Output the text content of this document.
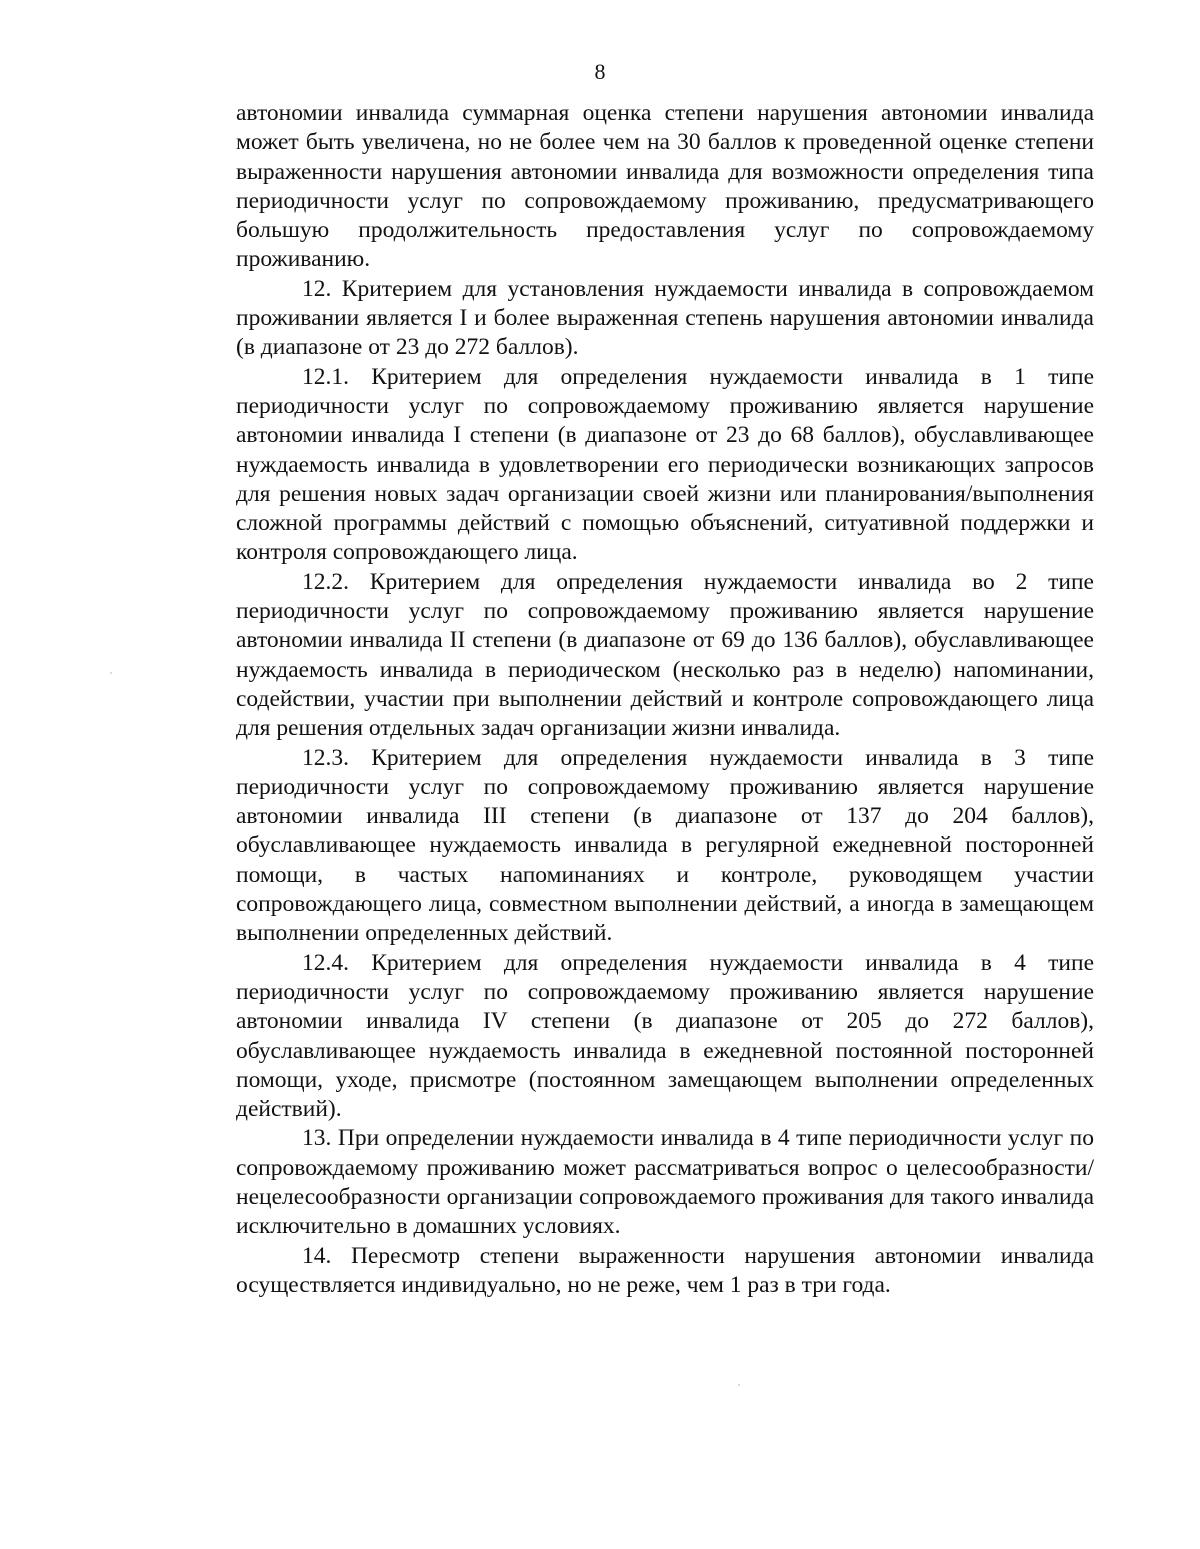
8

автономии инвалида суммарная оценка степени нарушения автономии инвалида может быть увеличена, но не более чем на 30 баллов к проведенной оценке степени выраженности нарушения автономии инвалида для возможности определения типа периодичности услуг по сопровождаемому проживанию, предусматривающего большую продолжительность предоставления услуг по сопровождаемому проживанию.

12. Критерием для установления нуждаемости инвалида в сопровождаемом проживании является I и более выраженная степень нарушения автономии инвалида (в диапазоне от 23 до 272 баллов).

12.1. Критерием для определения нуждаемости инвалида в 1 типе периодичности услуг по сопровождаемому проживанию является нарушение автономии инвалида I степени (в диапазоне от 23 до 68 баллов), обуславливающее нуждаемость инвалида в удовлетворении его периодически возникающих запросов для решения новых задач организации своей жизни или планирования/выполнения сложной программы действий с помощью объяснений, ситуативной поддержки и контроля сопровождающего лица.

12.2. Критерием для определения нуждаемости инвалида во 2 типе периодичности услуг по сопровождаемому проживанию является нарушение автономии инвалида II степени (в диапазоне от 69 до 136 баллов), обуславливающее нуждаемость инвалида в периодическом (несколько раз в неделю) напоминании, содействии, участии при выполнении действий и контроле сопровождающего лица для решения отдельных задач организации жизни инвалида.

12.3. Критерием для определения нуждаемости инвалида в 3 типе периодичности услуг по сопровождаемому проживанию является нарушение автономии инвалида III степени (в диапазоне от 137 до 204 баллов), обуславливающее нуждаемость инвалида в регулярной ежедневной посторонней помощи, в частых напоминаниях и контроле, руководящем участии сопровождающего лица, совместном выполнении действий, а иногда в замещающем выполнении определенных действий.

12.4. Критерием для определения нуждаемости инвалида в 4 типе периодичности услуг по сопровождаемому проживанию является нарушение автономии инвалида IV степени (в диапазоне от 205 до 272 баллов), обуславливающее нуждаемость инвалида в ежедневной постоянной посторонней помощи, уходе, присмотре (постоянном замещающем выполнении определенных действий).

13. При определении нуждаемости инвалида в 4 типе периодичности услуг по сопровождаемому проживанию может рассматриваться вопрос о целесообразности/нецелесообразности организации сопровождаемого проживания для такого инвалида исключительно в домашних условиях.

14. Пересмотр степени выраженности нарушения автономии инвалида осуществляется индивидуально, но не реже, чем 1 раз в три года.
